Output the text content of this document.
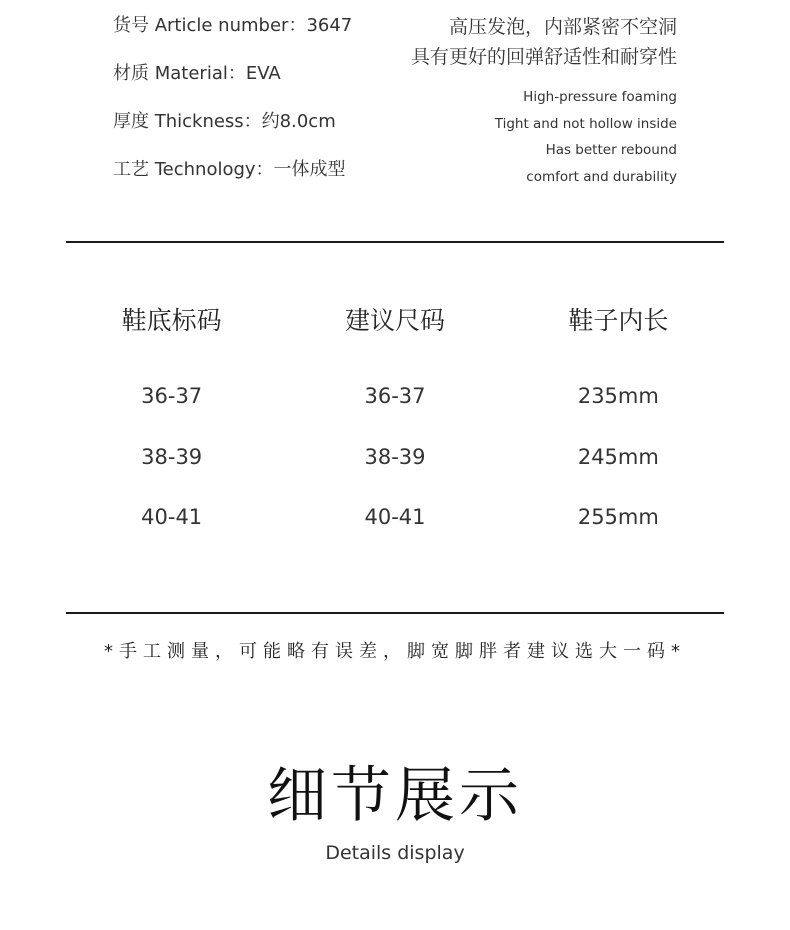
货号 Article number：3647
材质 Material：EVA
厚度 Thickness：约8.0cm
工艺 Technology：一体成型
高压发泡，内部紧密不空洞
具有更好的回弹舒适性和耐穿性
High-pressure foaming
Tight and not hollow inside
Has better rebound
comfort and durability
鞋底标码	建议尺码	鞋子内长

36-37	36-37	235mm
38-39	38-39	245mm
40-41	40-41	255mm
*手工测量，可能略有误差，脚宽脚胖者建议选大一码*
细节展示
Details display
